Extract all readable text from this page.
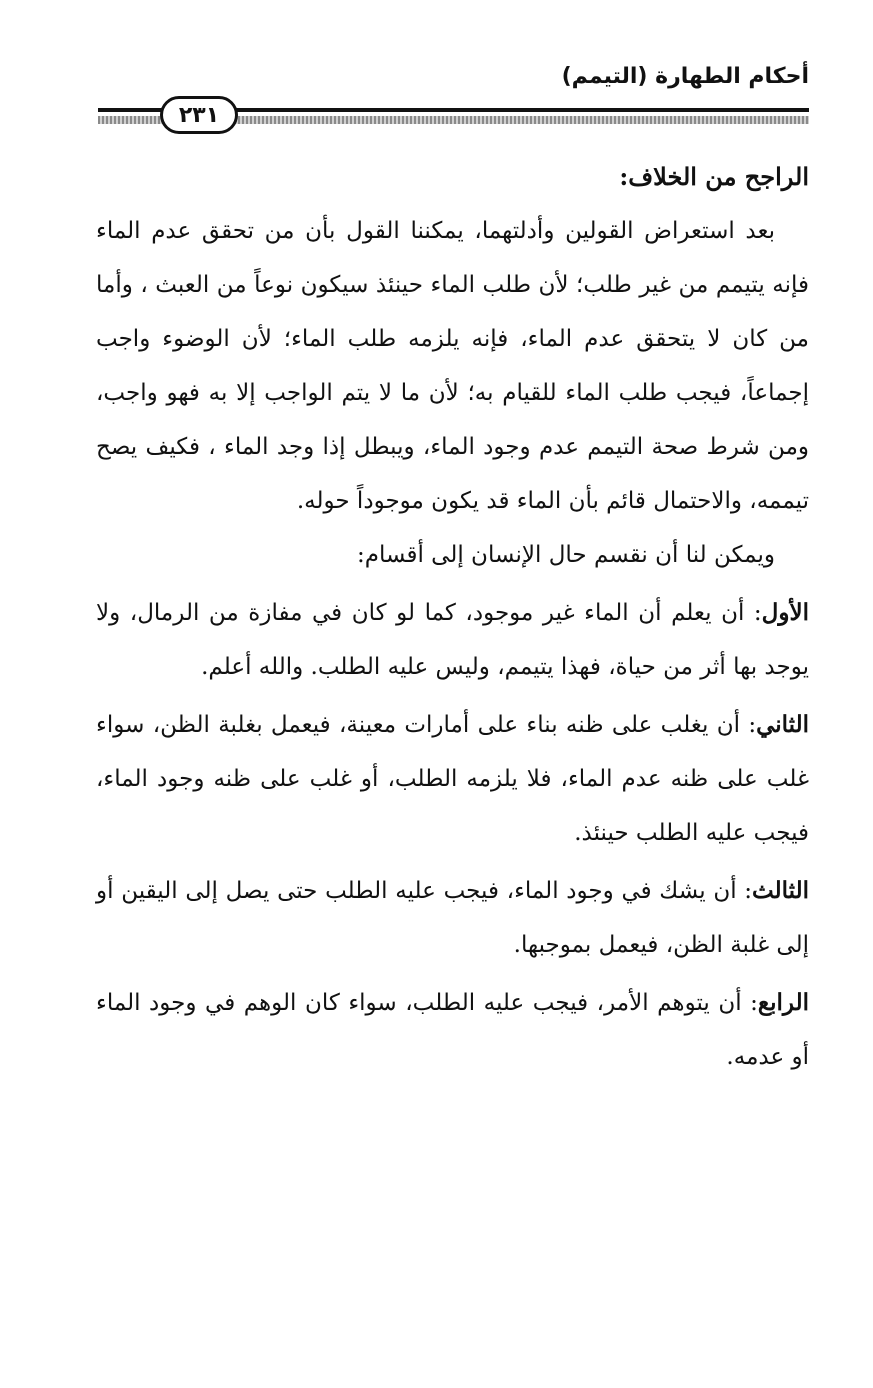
أحكام الطهارة (التيمم)
٢٣١

الراجح من الخلاف:

بعد استعراض القولين وأدلتهما، يمكننا القول بأن من تحقق عدم الماء فإنه يتيمم من غير طلب؛ لأن طلب الماء حينئذ سيكون نوعاً من العبث ، وأما من كان لا يتحقق عدم الماء، فإنه يلزمه طلب الماء؛ لأن الوضوء واجب إجماعاً، فيجب طلب الماء للقيام به؛ لأن ما لا يتم الواجب إلا به فهو واجب، ومن شرط صحة التيمم عدم وجود الماء، ويبطل إذا وجد الماء ، فكيف يصح تيممه، والاحتمال قائم بأن الماء قد يكون موجوداً حوله.

ويمكن لنا أن نقسم حال الإنسان إلى أقسام:

الأول: أن يعلم أن الماء غير موجود، كما لو كان في مفازة من الرمال، ولا يوجد بها أثر من حياة، فهذا يتيمم، وليس عليه الطلب. والله أعلم.

الثاني: أن يغلب على ظنه بناء على أمارات معينة، فيعمل بغلبة الظن، سواء غلب على ظنه عدم الماء، فلا يلزمه الطلب، أو غلب على ظنه وجود الماء، فيجب عليه الطلب حينئذ.

الثالث: أن يشك في وجود الماء، فيجب عليه الطلب حتى يصل إلى اليقين أو إلى غلبة الظن، فيعمل بموجبها.

الرابع: أن يتوهم الأمر، فيجب عليه الطلب، سواء كان الوهم في وجود الماء أو عدمه.
